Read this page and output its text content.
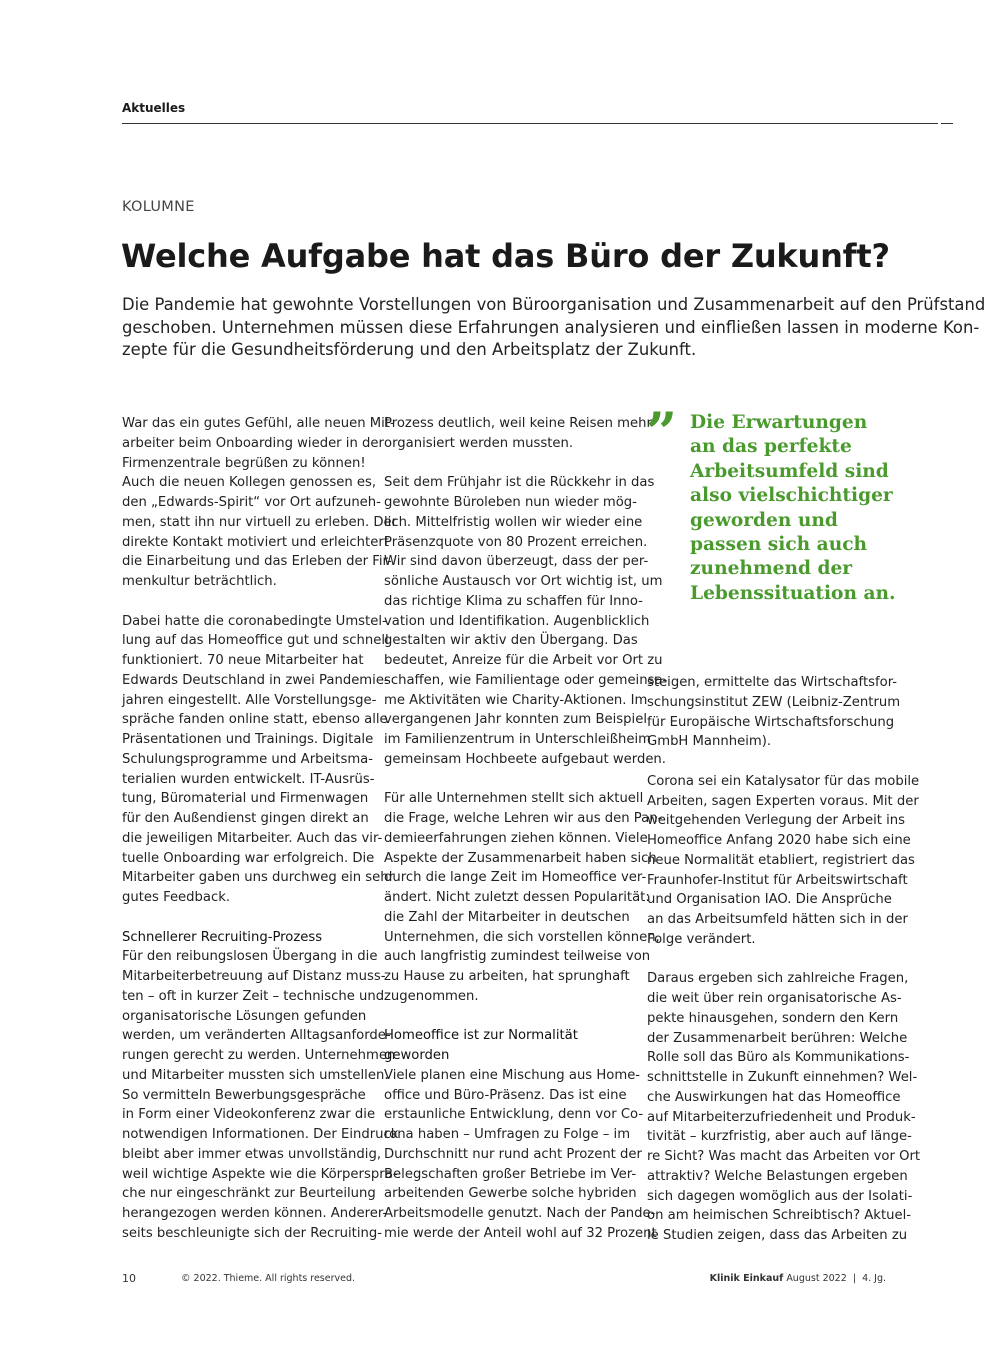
Aktuelles
KOLUMNE
Welche Aufgabe hat das Büro der Zukunft?

Die Pandemie hat gewohnte Vorstellungen von Büroorganisation und Zusammenarbeit auf den Prüfstand
geschoben. Unternehmen müssen diese Erfahrungen analysieren und einfließen lassen in moderne Kon-
zepte für die Gesundheitsförderung und den Arbeitsplatz der Zukunft.

War das ein gutes Gefühl, alle neuen Mit-
arbeiter beim Onboarding wieder in der
Firmenzentrale begrüßen zu können!
Auch die neuen Kollegen genossen es,
den „Edwards-Spirit“ vor Ort aufzuneh-
men, statt ihn nur virtuell zu erleben. Der
direkte Kontakt motiviert und erleichtert
die Einarbeitung und das Erleben der Fir-
menkultur beträchtlich.

Dabei hatte die coronabedingte Umstel-
lung auf das Homeoffice gut und schnell
funktioniert. 70 neue Mitarbeiter hat
Edwards Deutschland in zwei Pandemie-
jahren eingestellt. Alle Vorstellungsge-
spräche fanden online statt, ebenso alle
Präsentationen und Trainings. Digitale
Schulungsprogramme und Arbeitsma-
terialien wurden entwickelt. IT-Ausrüs-
tung, Büromaterial und Firmenwagen
für den Außendienst gingen direkt an
die jeweiligen Mitarbeiter. Auch das vir-
tuelle Onboarding war erfolgreich. Die
Mitarbeiter gaben uns durchweg ein sehr
gutes Feedback.

Schnellerer Recruiting-Prozess

Für den reibungslosen Übergang in die
Mitarbeiterbetreuung auf Distanz muss-
ten – oft in kurzer Zeit – technische und
organisatorische Lösungen gefunden
werden, um veränderten Alltagsanforde-
rungen gerecht zu werden. Unternehmen
und Mitarbeiter mussten sich umstellen.
So vermitteln Bewerbungsgespräche
in Form einer Videokonferenz zwar die
notwendigen Informationen. Der Eindruck
bleibt aber immer etwas unvollständig,
weil wichtige Aspekte wie die Körperspra-
che nur eingeschränkt zur Beurteilung
herangezogen werden können. Anderer-
seits beschleunigte sich der Recruiting-

Prozess deutlich, weil keine Reisen mehr
organisiert werden mussten.

Seit dem Frühjahr ist die Rückkehr in das
gewohnte Büroleben nun wieder mög-
lich. Mittelfristig wollen wir wieder eine
Präsenzquote von 80 Prozent erreichen.
Wir sind davon überzeugt, dass der per-
sönliche Austausch vor Ort wichtig ist, um
das richtige Klima zu schaffen für Inno-
vation und Identifikation. Augenblicklich
gestalten wir aktiv den Übergang. Das
bedeutet, Anreize für die Arbeit vor Ort zu
schaffen, wie Familientage oder gemeinsa-
me Aktivitäten wie Charity-Aktionen. Im
vergangenen Jahr konnten zum Beispiel
im Familienzentrum in Unterschleißheim
gemeinsam Hochbeete aufgebaut werden.

Für alle Unternehmen stellt sich aktuell
die Frage, welche Lehren wir aus den Pan-
demieerfahrungen ziehen können. Viele
Aspekte der Zusammenarbeit haben sich
durch die lange Zeit im Homeoffice ver-
ändert. Nicht zuletzt dessen Popularität:
die Zahl der Mitarbeiter in deutschen
Unternehmen, die sich vorstellen können,
auch langfristig zumindest teilweise von
zu Hause zu arbeiten, hat sprunghaft
zugenommen.

Homeoffice ist zur Normalität
geworden

Viele planen eine Mischung aus Home-
office und Büro-Präsenz. Das ist eine
erstaunliche Entwicklung, denn vor Co-
rona haben – Umfragen zu Folge – im
Durchschnitt nur rund acht Prozent der
Belegschaften großer Betriebe im Ver-
arbeitenden Gewerbe solche hybriden
Arbeitsmodelle genutzt. Nach der Pande-
mie werde der Anteil wohl auf 32 Prozent

” Die Erwartungen
an das perfekte
Arbeitsumfeld sind
also vielschichtiger
geworden und
passen sich auch
zunehmend der
Lebenssituation an.

steigen, ermittelte das Wirtschaftsfor-
schungsinstitut ZEW (Leibniz-Zentrum
für Europäische Wirtschaftsforschung
GmbH Mannheim).

Corona sei ein Katalysator für das mobile
Arbeiten, sagen Experten voraus. Mit der
weitgehenden Verlegung der Arbeit ins
Homeoffice Anfang 2020 habe sich eine
neue Normalität etabliert, registriert das
Fraunhofer-Institut für Arbeitswirtschaft
und Organisation IAO. Die Ansprüche
an das Arbeitsumfeld hätten sich in der
Folge verändert.

Daraus ergeben sich zahlreiche Fragen,
die weit über rein organisatorische As-
pekte hinausgehen, sondern den Kern
der Zusammenarbeit berühren: Welche
Rolle soll das Büro als Kommunikations-
schnittstelle in Zukunft einnehmen? Wel-
che Auswirkungen hat das Homeoffice
auf Mitarbeiterzufriedenheit und Produk-
tivität – kurzfristig, aber auch auf länge-
re Sicht? Was macht das Arbeiten vor Ort
attraktiv? Welche Belastungen ergeben
sich dagegen womöglich aus der Isolati-
on am heimischen Schreibtisch? Aktuel-
le Studien zeigen, dass das Arbeiten zu

10	© 2022. Thieme. All rights reserved.	Klinik Einkauf August 2022 | 4. Jg.
